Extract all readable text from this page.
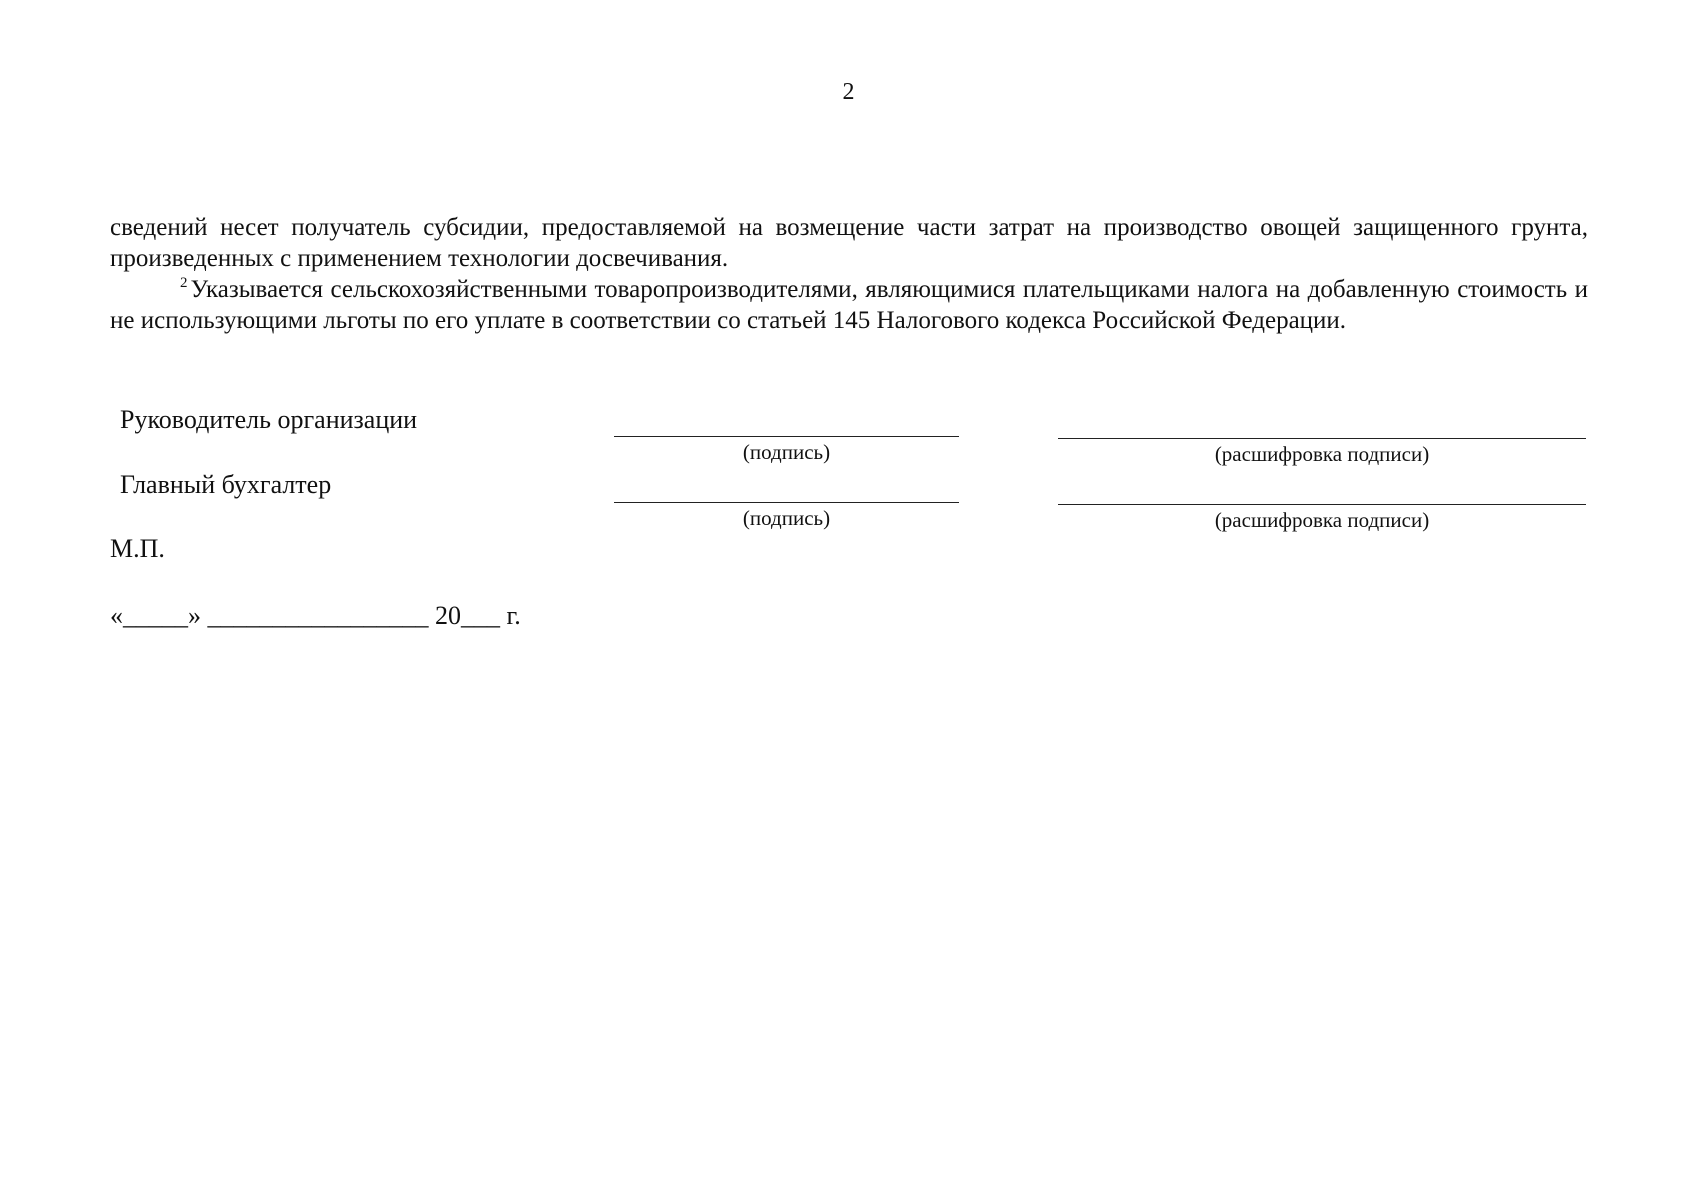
2

сведений несет получатель субсидии, предоставляемой на возмещение части затрат на производство овощей защищенного грунта, произведенных с применением технологии досвечивания.

$^2$ Указывается сельскохозяйственными товаропроизводителями, являющимися плательщиками налога на добавленную стоимость и не использующими льготы по его уплате в соответствии со статьей 145 Налогового кодекса Российской Федерации.

Руководитель организации
(подпись)	(расшифровка подписи)
Главный бухгалтер
(подпись)	(расшифровка подписи)
М.П.
«_____» _________________ 20___ г.
